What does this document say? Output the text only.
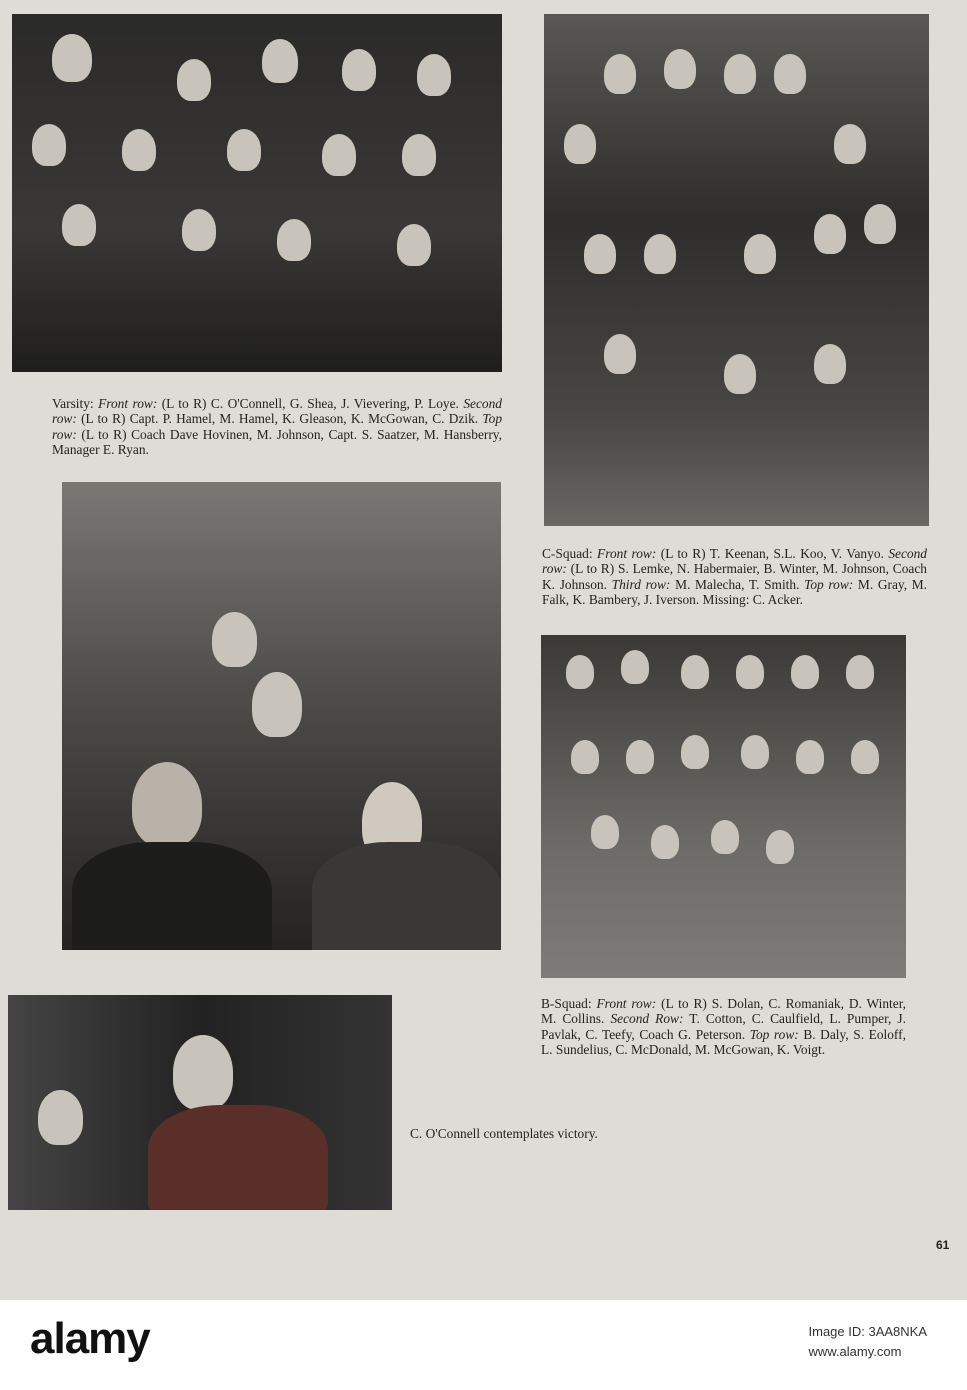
Varsity: Front row: (L to R) C. O'Connell, G. Shea, J. Vievering, P. Loye. Second row: (L to R) Capt. P. Hamel, M. Hamel, K. Gleason, K. McGowan, C. Dzik. Top row: (L to R) Coach Dave Hovinen, M. Johnson, Capt. S. Saatzer, M. Hansberry, Manager E. Ryan.
C-Squad: Front row: (L to R) T. Keenan, S.L. Koo, V. Vanyo. Second row: (L to R) S. Lemke, N. Habermaier, B. Winter, M. Johnson, Coach K. Johnson. Third row: M. Malecha, T. Smith. Top row: M. Gray, M. Falk, K. Bambery, J. Iverson. Missing: C. Acker.
B-Squad: Front row: (L to R) S. Dolan, C. Romaniak, D. Winter, M. Collins. Second Row: T. Cotton, C. Caulfield, L. Pumper, J. Pavlak, C. Teefy, Coach G. Peterson. Top row: B. Daly, S. Eoloff, L. Sundelius, C. McDonald, M. McGowan, K. Voigt.
C. O'Connell contemplates victory.
61
alamy	Image ID: 3AA8NKA
www.alamy.com
